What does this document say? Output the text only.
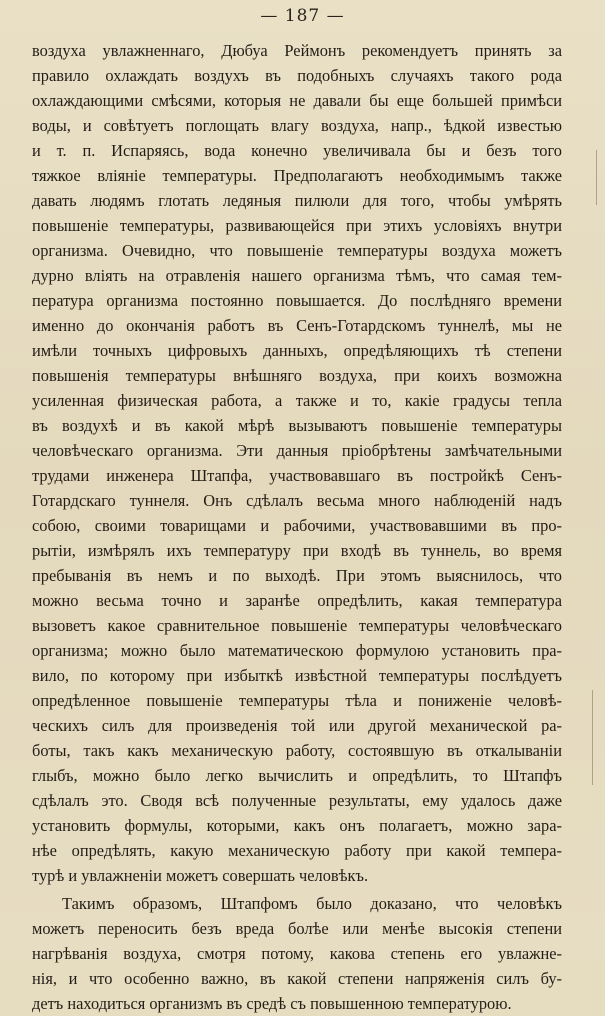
— 187 —
воздуха увлажненнаго, Дюбуа Реймонъ рекомендуетъ принять за
правило охлаждать воздухъ въ подобныхъ случаяхъ такого рода
охлаждающими смѣсями, которыя не давали бы еще большей примѣси
воды, и совѣтуетъ поглощать влагу воздуха, напр., ѣдкой известью
и т. п. Испаряясь, вода конечно увеличивала бы и безъ того
тяжкое вліяніе температуры. Предполагаютъ необходимымъ также
давать людямъ глотать ледяныя пилюли для того, чтобы умѣрять
повышеніе температуры, развивающейся при этихъ условіяхъ внутри
организма. Очевидно, что повышеніе температуры воздуха можетъ
дурно вліять на отравленія нашего организма тѣмъ, что самая тем-
пература организма постоянно повышается. До послѣдняго времени
именно до окончанія работъ въ Сенъ-Готардскомъ туннелѣ, мы не
имѣли точныхъ цифровыхъ данныхъ, опредѣляющихъ тѣ степени
повышенія температуры внѣшняго воздуха, при коихъ возможна
усиленная физическая работа, а также и то, какіе градусы тепла
въ воздухѣ и въ какой мѣрѣ вызываютъ повышеніе температуры
человѣческаго организма. Эти данныя пріобрѣтены замѣчательными
трудами инженера Штапфа, участвовавшаго въ постройкѣ Сенъ-
Готардскаго туннеля. Онъ сдѣлалъ весьма много наблюденій надъ
собою, своими товарищами и рабочими, участвовавшими въ про-
рытіи, измѣрялъ ихъ температуру при входѣ въ туннель, во время
пребыванія въ немъ и по выходѣ. При этомъ выяснилось, что
можно весьма точно и заранѣе опредѣлить, какая температура
вызоветъ какое сравнительное повышеніе температуры человѣческаго
организма; можно было математическою формулою установить пра-
вило, по которому при избыткѣ извѣстной температуры послѣдуетъ
опредѣленное повышеніе температуры тѣла и пониженіе человѣ-
ческихъ силъ для произведенія той или другой механической ра-
боты, такъ какъ механическую работу, состоявшую въ откалываніи
глыбъ, можно было легко вычислить и опредѣлить, то Штапфъ
сдѣлалъ это. Сводя всѣ полученные результаты, ему удалось даже
установить формулы, которыми, какъ онъ полагаетъ, можно зара-
нѣе опредѣлять, какую механическую работу при какой темпера-
турѣ и увлажненіи можетъ совершать человѣкъ.
Такимъ образомъ, Штапфомъ было доказано, что человѣкъ
можетъ переносить безъ вреда болѣе или менѣе высокія степени
нагрѣванія воздуха, смотря потому, какова степень его увлажне-
нія, и что особенно важно, въ какой степени напряженія силъ бу-
детъ находиться организмъ въ средѣ съ повышенною температурою.
